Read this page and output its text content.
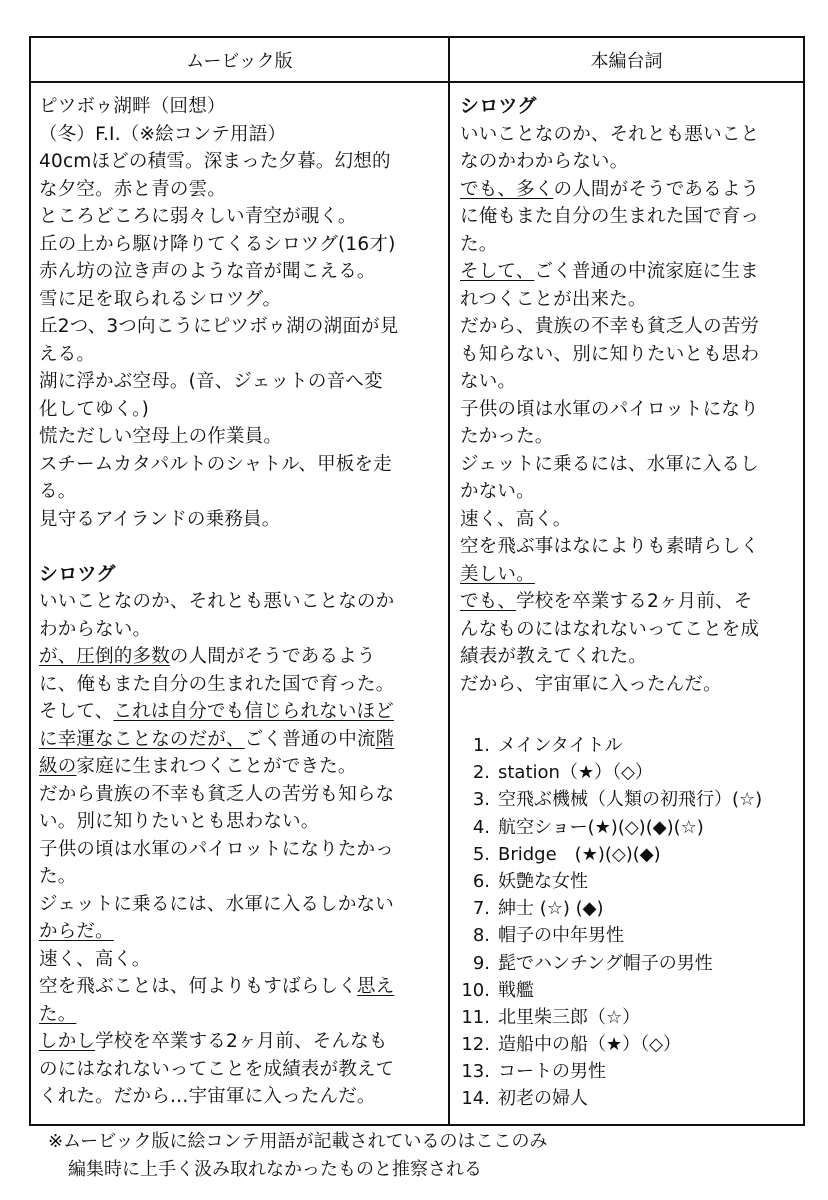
ムービック版	本編台詞
ピツボゥ湖畔（回想）
（冬）F.I.（※絵コンテ用語）
40cmほどの積雪。深まった夕暮。幻想的
な夕空。赤と青の雲。
ところどころに弱々しい青空が覗く。
丘の上から駆け降りてくるシロツグ(16才)
赤ん坊の泣き声のような音が聞こえる。
雪に足を取られるシロツグ。
丘2つ、3つ向こうにピツボゥ湖の湖面が見
える。
湖に浮かぶ空母。(音、ジェットの音へ変
化してゆく。)
慌ただしい空母上の作業員。
スチームカタパルトのシャトル、甲板を走
る。
見守るアイランドの乗務員。
シロツグ
いいことなのか、それとも悪いことなのか
わからない。
が、圧倒的多数の人間がそうであるよう
に、俺もまた自分の生まれた国で育った。
そして、これは自分でも信じられないほど
に幸運なことなのだが、ごく普通の中流階
級の家庭に生まれつくことができた。
だから貴族の不幸も貧乏人の苦労も知らな
い。別に知りたいとも思わない。
子供の頃は水軍のパイロットになりたかっ
た。
ジェットに乗るには、水軍に入るしかない
からだ。
速く、高く。
空を飛ぶことは、何よりもすばらしく思え
た。
しかし学校を卒業する2ヶ月前、そんなも
のにはなれないってことを成績表が教えて
くれた。だから…宇宙軍に入ったんだ。
シロツグ
いいことなのか、それとも悪いこと
なのかわからない。
でも、多くの人間がそうであるよう
に俺もまた自分の生まれた国で育っ
た。
そして、ごく普通の中流家庭に生ま
れつくことが出来た。
だから、貴族の不幸も貧乏人の苦労
も知らない、別に知りたいとも思わ
ない。
子供の頃は水軍のパイロットになり
たかった。
ジェットに乗るには、水軍に入るし
かない。
速く、高く。
空を飛ぶ事はなによりも素晴らしく
美しい。
でも、学校を卒業する2ヶ月前、そ
んなものにはなれないってことを成
績表が教えてくれた。
だから、宇宙軍に入ったんだ。
1. メインタイトル
2. station（★）（◇）
3. 空飛ぶ機械（人類の初飛行）(☆)
4. 航空ショー(★)(◇)(◆)(☆)
5. Bridge　(★)(◇)(◆)
6. 妖艶な女性
7. 紳士 (☆) (◆)
8. 帽子の中年男性
9. 髭でハンチング帽子の男性
10. 戦艦
11. 北里柴三郎（☆）
12. 造船中の船（★）（◇）
13. コートの男性
14. 初老の婦人
※ムービック版に絵コンテ用語が記載されているのはここのみ
編集時に上手く汲み取れなかったものと推察される
